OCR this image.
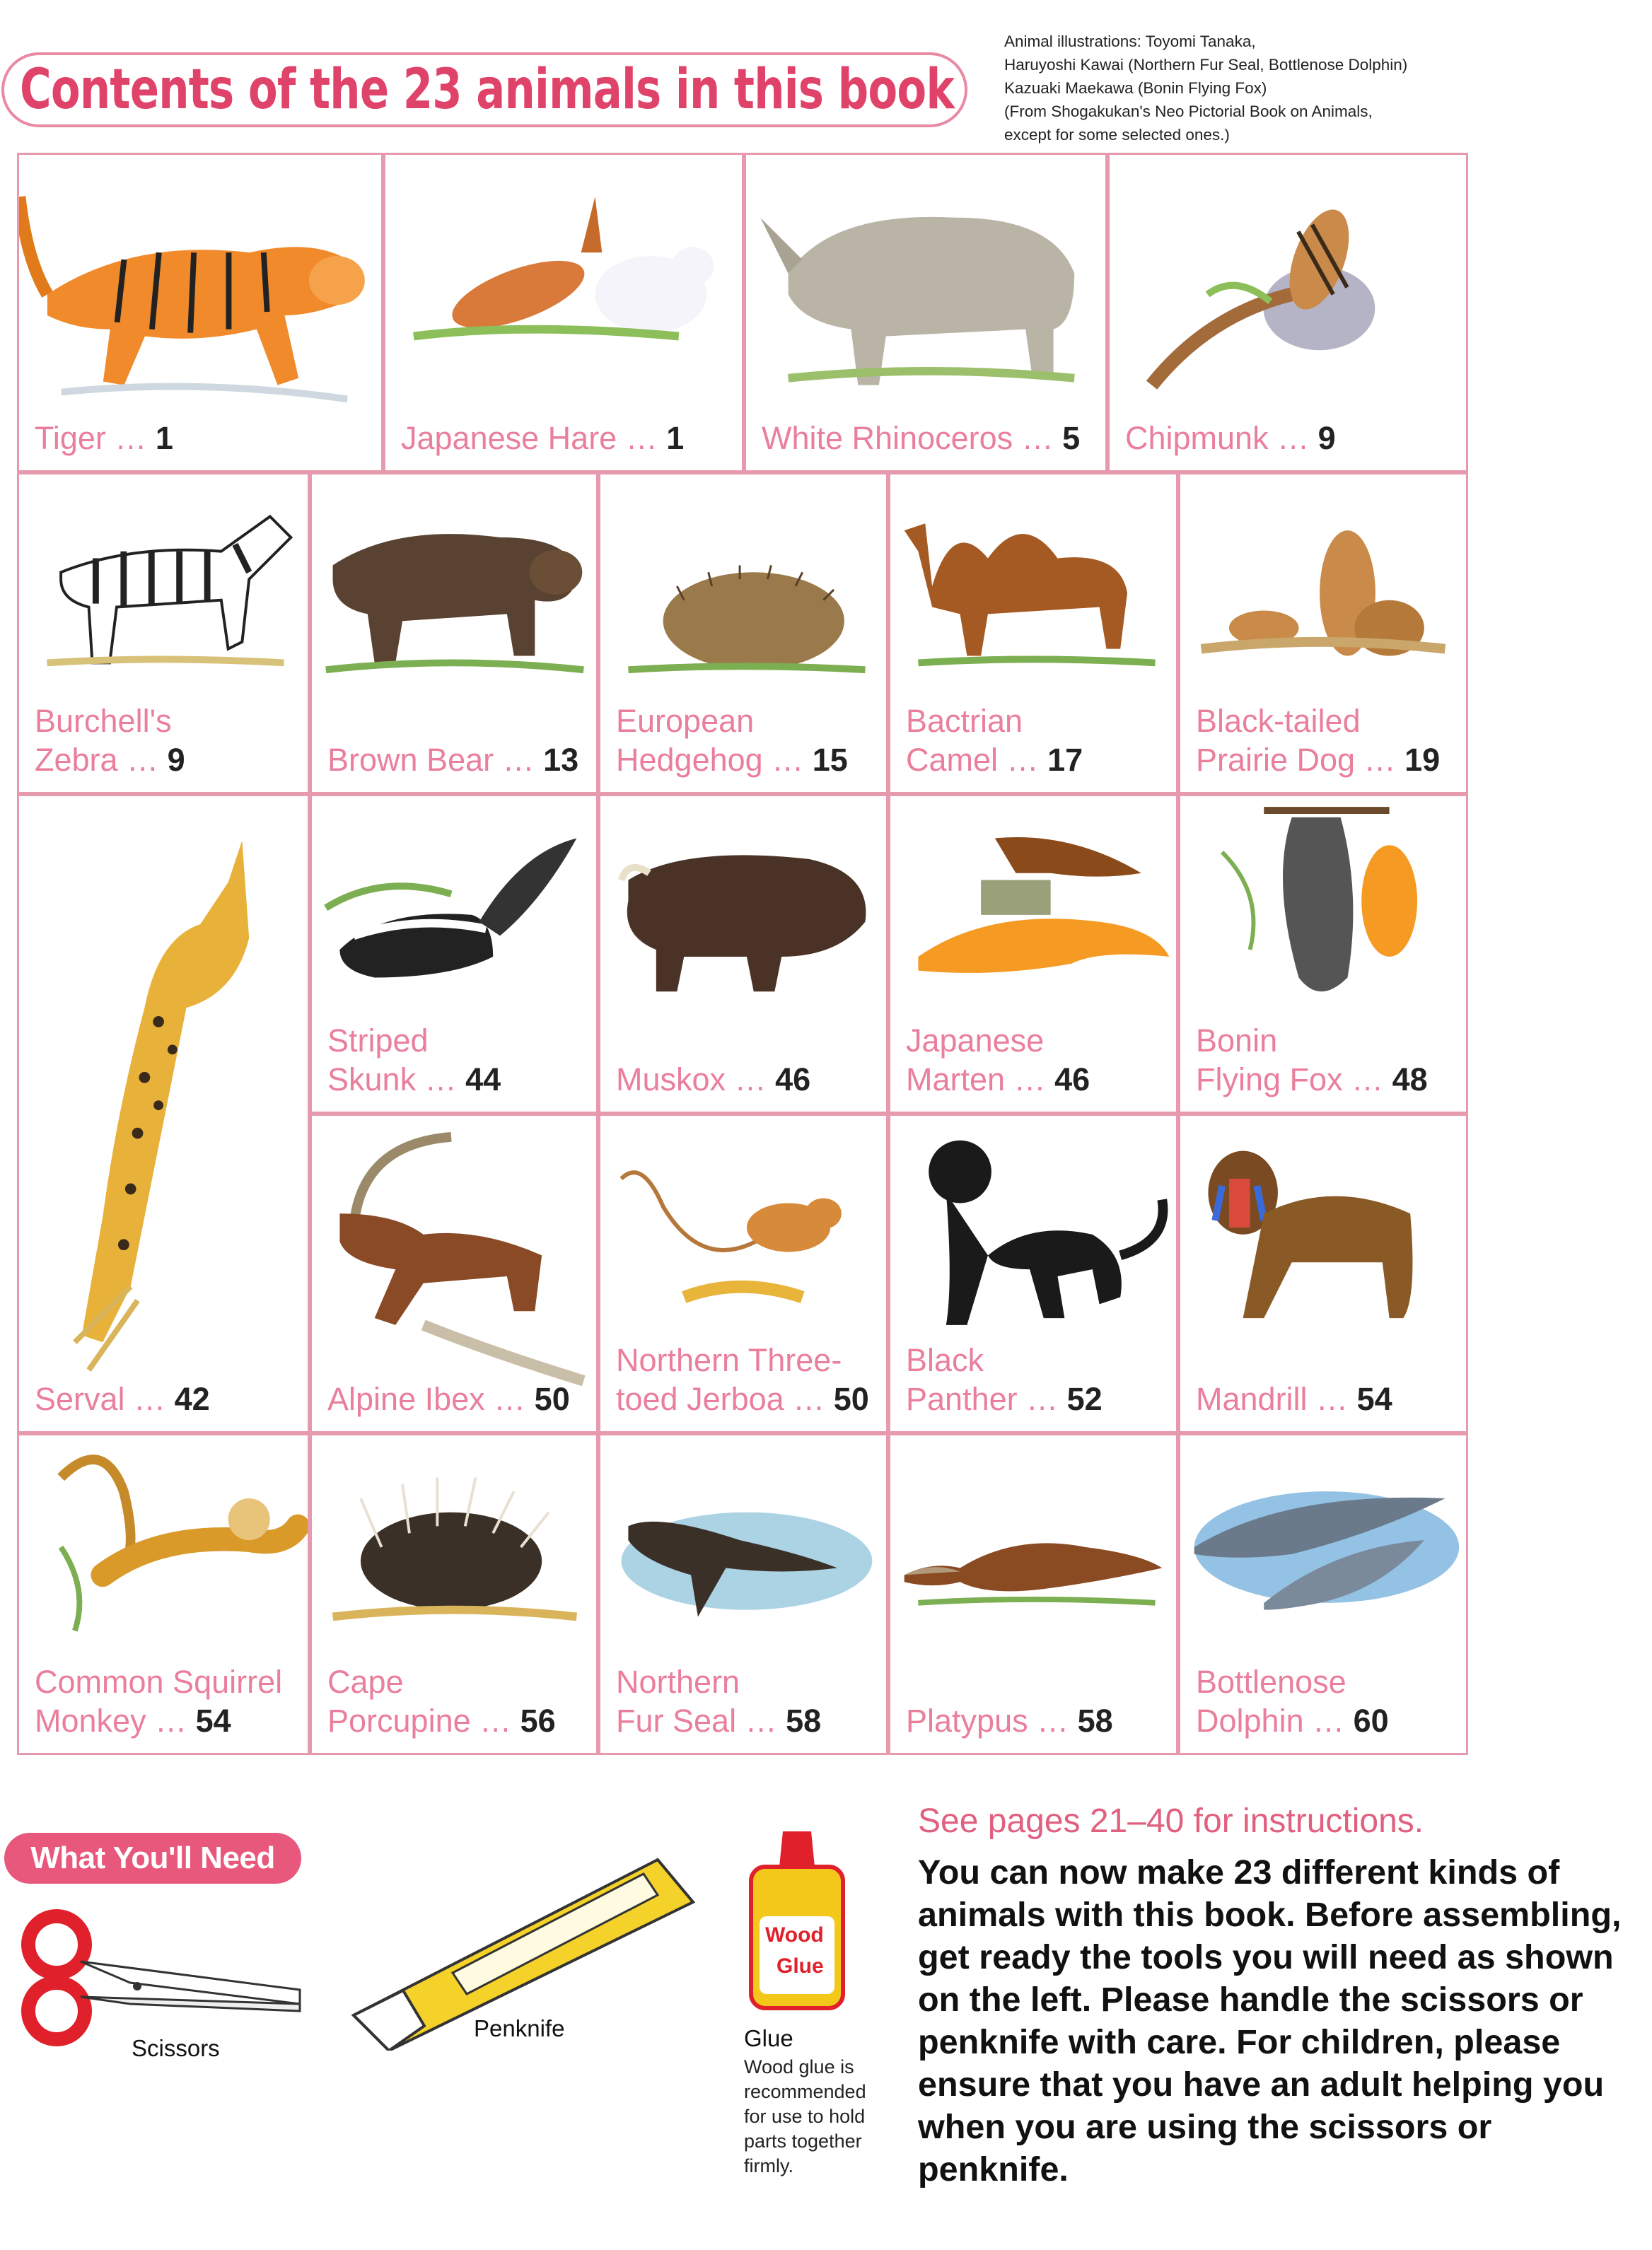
Contents of the 23 animals in this book
Animal illustrations: Toyomi Tanaka,
Haruyoshi Kawai (Northern Fur Seal, Bottlenose Dolphin)
Kazuaki Maekawa (Bonin Flying Fox)
(From Shogakukan's Neo Pictorial Book on Animals,
except for some selected ones.)
Tiger … 1	Japanese Hare … 1 White Rhinoceros … 5 Chipmunk … 9
Burchell's
Zebra … 9	Brown Bear … 13
European
Hedgehog … 15
Bactrian
Camel … 17
Black-tailed
Prairie Dog … 19
Serval … 42
Striped
Skunk … 44	Muskox … 46
Japanese
Marten … 46
Bonin
Flying Fox … 48
Alpine Ibex … 50
Northern Three-
toed Jerboa … 50
Black
Panther … 52	Mandrill … 54
Common Squirrel
Monkey … 54
Cape
Porcupine … 56
Northern
Fur Seal … 58	Platypus … 58
Bottlenose
Dolphin … 60
What You'll Need
Scissors
Penknife
Wood
Glue
Glue
Wood glue is recommended for use to hold parts together firmly.
See pages 21–40 for instructions.
You can now make 23 different kinds of animals with this book. Before assembling, get ready the tools you will need as shown on the left. Please handle the scissors or penknife with care. For children, please ensure that you have an adult helping you when you are using the scissors or penknife.
